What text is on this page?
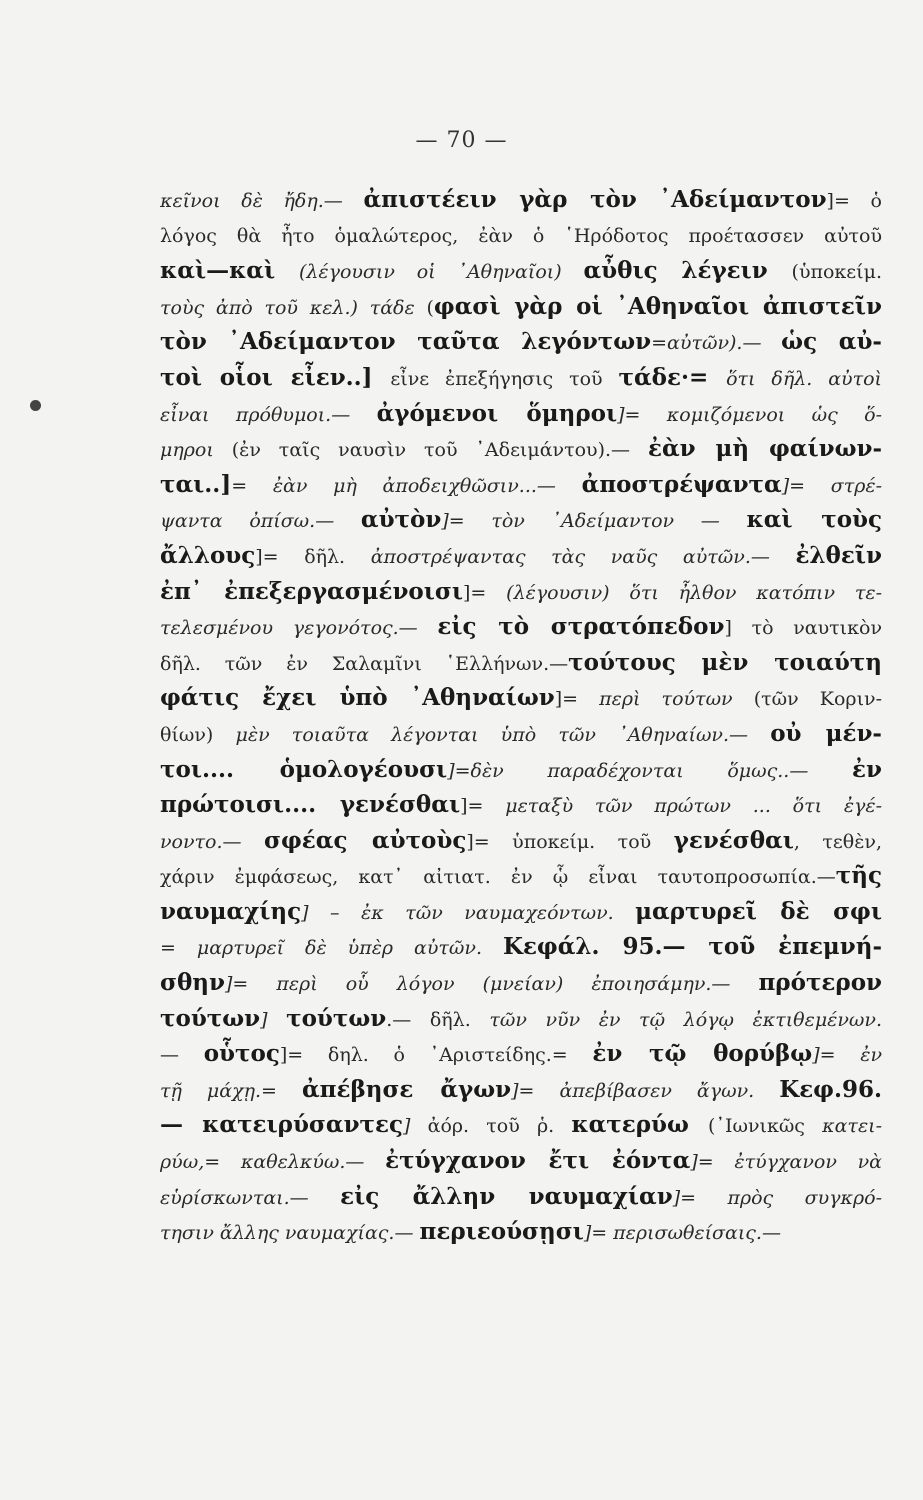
— 70 —
κεῖνοι δὲ ἤδη.— ἀπιστέειν γὰρ τὸν ᾿Αδείμαντον]= ὁ
λόγος θὰ ἦτο ὁμαλώτερος, ἐὰν ὁ ῾Ηρόδοτος προέτασσεν αὐτοῦ
καὶ—καὶ (λέγουσιν οἱ ᾿Αθηναῖοι) αὖθις λέγειν (ὑποκείμ.
τοὺς ἀπὸ τοῦ κελ.) τάδε (φασὶ γὰρ οἱ ᾿Αθηναῖοι ἀπιστεῖν
τὸν ᾿Αδείμαντον ταῦτα λεγόντων=αὐτῶν).— ὡς αὐ-
τοὶ οἷοι εἶεν..] εἶνε ἐπεξήγησις τοῦ τάδε·= ὅτι δῆλ. αὐτοὶ
εἶναι πρόθυμοι.— ἀγόμενοι ὅμηροι]= κομιζόμενοι ὡς ὅ-
μηροι (ἐν ταῖς ναυσὶν τοῦ ᾿Αδειμάντου).— ἐὰν μὴ φαίνων-
ται..]= ἐὰν μὴ ἀποδειχθῶσιν...— ἀποστρέψαντα]= στρέ-
ψαντα ὀπίσω.— αὐτὸν]= τὸν ᾿Αδείμαντον — καὶ τοὺς
ἄλλους]= δῆλ. ἀποστρέψαντας τὰς ναῦς αὐτῶν.— ἐλθεῖν
ἐπ᾿ ἐπεξεργασμένοισι]= (λέγουσιν) ὅτι ἦλθον κατόπιν τε-
τελεσμένου γεγονότος.— εἰς τὸ στρατόπεδον] τὸ ναυτικὸν
δῆλ. τῶν ἐν Σαλαμῖνι ῾Ελλήνων.—τούτους μὲν τοιαύτη
φάτις ἔχει ὑπὸ ᾿Αθηναίων]= περὶ τούτων (τῶν Κοριν-
θίων) μὲν τοιαῦτα λέγονται ὑπὸ τῶν ᾿Αθηναίων.— οὐ μέν-
τοι.... ὁμολογέουσι]=δὲν παραδέχονται ὅμως..— ἐν
πρώτοισι.... γενέσθαι]= μεταξὺ τῶν πρώτων ... ὅτι ἐγέ-
νοντο.— σφέας αὐτοὺς]= ὑποκείμ. τοῦ γενέσθαι, τεθὲν,
χάριν ἐμφάσεως, κατ᾿ αἰτιατ. ἐν ᾧ εἶναι ταυτοπροσωπία.—τῆς
ναυμαχίης] – ἐκ τῶν ναυμαχεόντων. μαρτυρεῖ δὲ σφι
= μαρτυρεῖ δὲ ὑπὲρ αὐτῶν. Κεφάλ. 95.— τοῦ ἐπεμνή-
σθην]= περὶ οὗ λόγον (μνείαν) ἐποιησάμην.— πρότερον
τούτων] τούτων.— δῆλ. τῶν νῦν ἐν τῷ λόγῳ ἐκτιθεμένων.
— οὗτος]= δηλ. ὁ ᾿Αριστείδης.= ἐν τῷ θορύβῳ]= ἐν
τῇ μάχῃ.= ἀπέβησε ἄγων]= ἀπεβίβασεν ἄγων. Κεφ.96.
— κατειρύσαντες] ἀόρ. τοῦ ῥ. κατερύω (᾿Ιωνικῶς κατει-
ρύω,= καθελκύω.— ἐτύγχανον ἔτι ἐόντα]= ἐτύγχανον νὰ
εὑρίσκωνται.— εἰς ἄλλην ναυμαχίαν]= πρὸς συγκρό-
τησιν ἄλλης ναυμαχίας.— περιεούσῃσι]= περισωθείσαις.—
